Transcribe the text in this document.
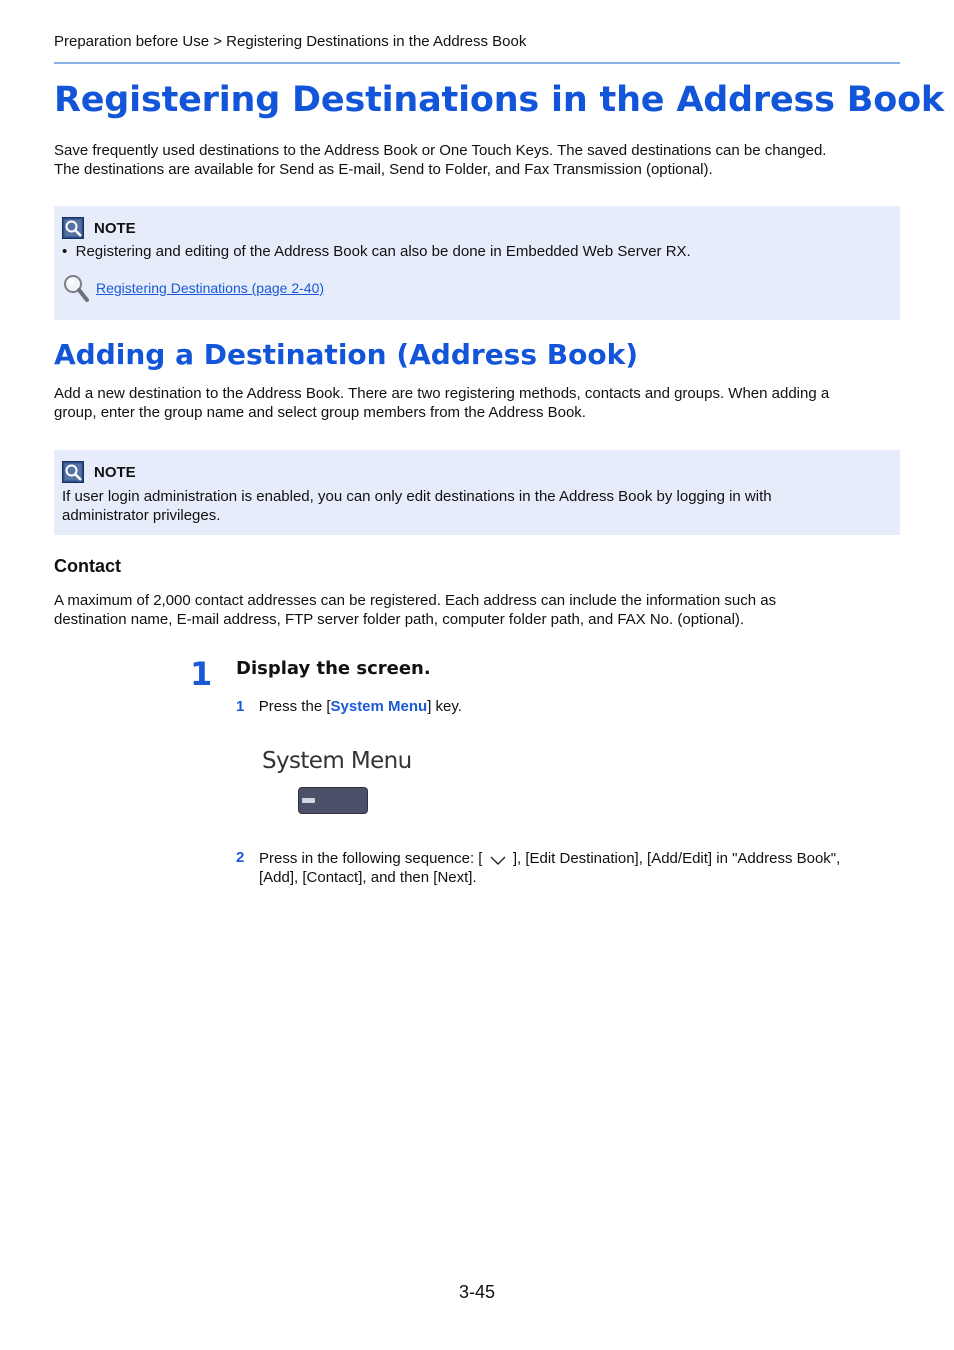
Preparation before Use > Registering Destinations in the Address Book
Registering Destinations in the Address Book

Save frequently used destinations to the Address Book or One Touch Keys. The saved destinations can be changed.
The destinations are available for Send as E-mail, Send to Folder, and Fax Transmission (optional).

NOTE
• Registering and editing of the Address Book can also be done in Embedded Web Server RX.
Registering Destinations (page 2-40)
Adding a Destination (Address Book)

Add a new destination to the Address Book. There are two registering methods, contacts and groups. When adding a
group, enter the group name and select group members from the Address Book.

NOTE

If user login administration is enabled, you can only edit destinations in the Address Book by logging in with
administrator privileges.

Contact

A maximum of 2,000 contact addresses can be registered. Each address can include the information such as
destination name, E-mail address, FTP server folder path, computer folder path, and FAX No. (optional).

1 Display the screen.
1 Press the [System Menu] key.
System Menu
2 Press in the following sequence: [ ], [Edit Destination], [Add/Edit] in "Address Book",
[Add], [Contact], and then [Next].
3-45
